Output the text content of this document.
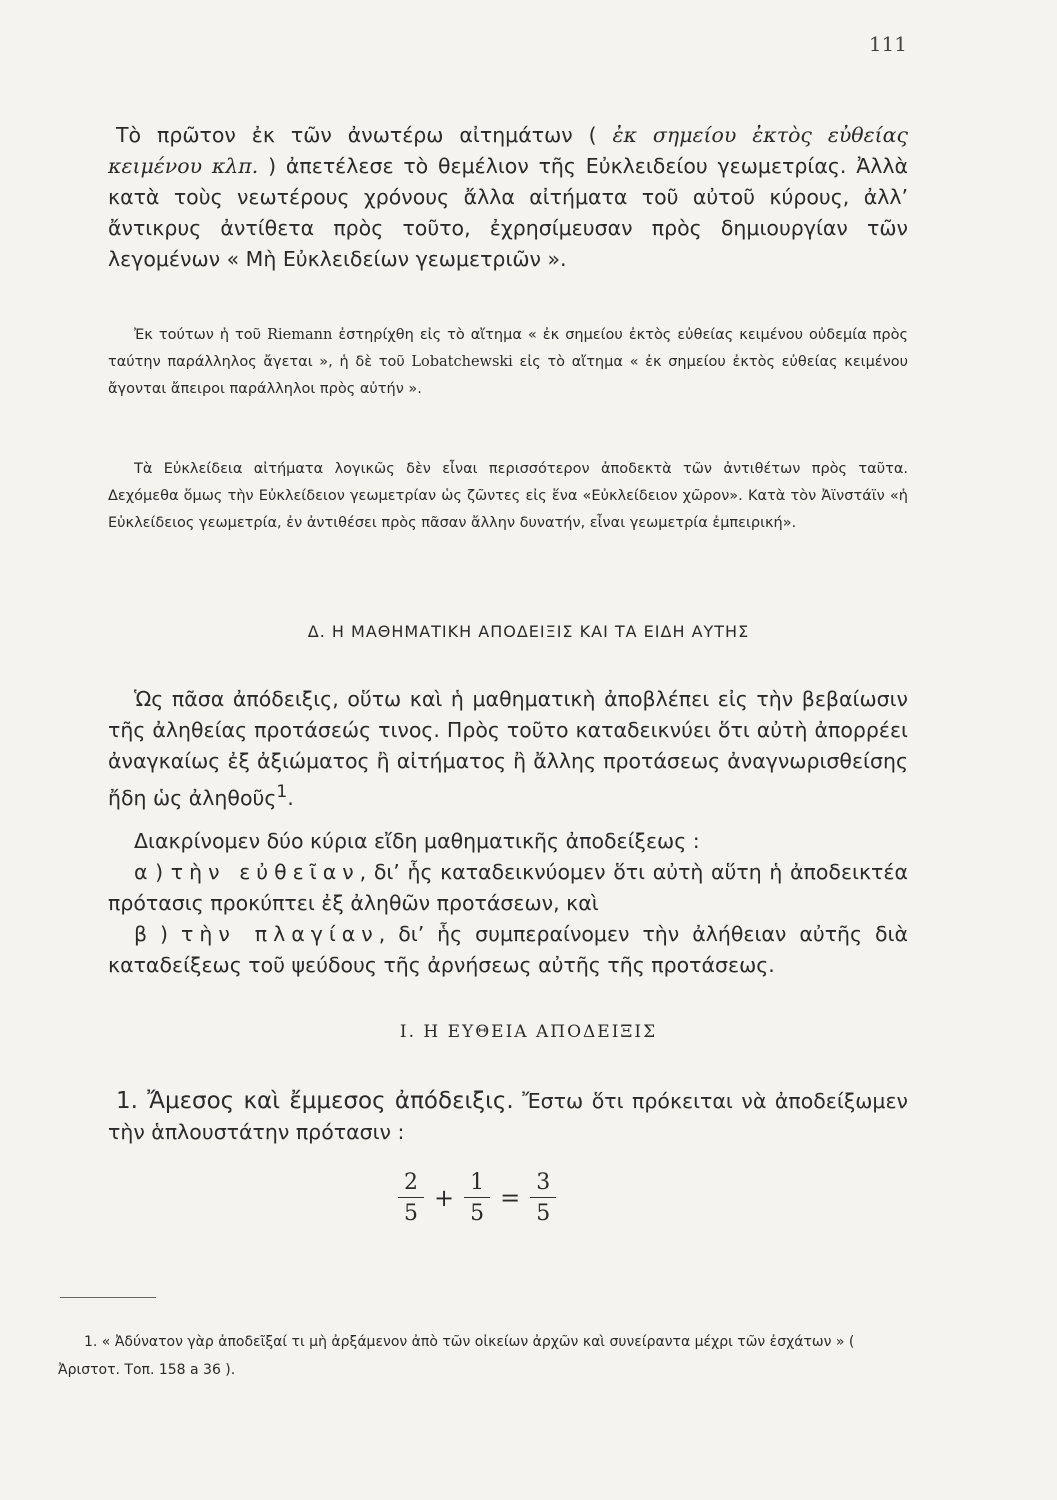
111

Τὸ πρῶτον ἐκ τῶν ἀνωτέρω αἰτημάτων ( ἐκ σημείου ἐκτὸς εὐθείας κειμένου κλπ. ) ἀπετέλεσε τὸ θεμέλιον τῆς Εὐκλειδείου γεωμετρίας. Ἀλλὰ κατὰ τοὺς νεωτέρους χρόνους ἄλλα αἰτήματα τοῦ αὐτοῦ κύρους, ἀλλ’ ἄντικρυς ἀντίθετα πρὸς τοῦτο, ἐχρησίμευσαν πρὸς δημιουργίαν τῶν λεγομένων « Μὴ Εὐκλειδείων γεωμετριῶν ».

Ἐκ τούτων ἡ τοῦ Riemann ἐστηρίχθη εἰς τὸ αἴτημα « ἐκ σημείου ἐκτὸς εὐθείας κειμένου οὐδεμία πρὸς ταύτην παράλληλος ἄγεται », ἡ δὲ τοῦ Lobatchewski εἰς τὸ αἴτημα « ἐκ σημείου ἐκτὸς εὐθείας κειμένου ἄγονται ἄπειροι παράλληλοι πρὸς αὐτήν ».

Τὰ Εὐκλείδεια αἰτήματα λογικῶς δὲν εἶναι περισσότερον ἀποδεκτὰ τῶν ἀντιθέτων πρὸς ταῦτα. Δεχόμεθα ὅμως τὴν Εὐκλείδειον γεωμετρίαν ὡς ζῶντες εἰς ἕνα «Εὐκλείδειον χῶρον». Κατὰ τὸν Ἀϊνστάϊν «ἡ Εὐκλείδειος γεωμετρία, ἐν ἀντιθέσει πρὸς πᾶσαν ἄλλην δυνατήν, εἶναι γεωμετρία ἐμπειρική».

Δ. Η ΜΑΘΗΜΑΤΙΚΗ ΑΠΟΔΕΙΞΙΣ ΚΑΙ ΤΑ ΕΙΔΗ ΑΥΤΗΣ

Ὡς πᾶσα ἀπόδειξις, οὕτω καὶ ἡ μαθηματικὴ ἀποβλέπει εἰς τὴν βεβαίωσιν τῆς ἀληθείας προτάσεώς τινος. Πρὸς τοῦτο καταδεικνύει ὅτι αὐτὴ ἀπορρέει ἀναγκαίως ἐξ ἀξιώματος ἢ αἰτήματος ἢ ἄλλης προτάσεως ἀναγνωρισθείσης ἤδη ὡς ἀληθοῦς$^1$.

Διακρίνομεν δύο κύρια εἴδη μαθηματικῆς ἀποδείξεως :

α ) τὴν εὐθεῖαν, δι’ ἧς καταδεικνύομεν ὅτι αὐτὴ αὕτη ἡ ἀποδεικτέα πρότασις προκύπτει ἐξ ἀληθῶν προτάσεων, καὶ

β ) τὴν πλαγίαν, δι’ ἧς συμπεραίνομεν τὴν ἀλήθειαν αὐτῆς διὰ καταδείξεως τοῦ ψεύδους τῆς ἀρνήσεως αὐτῆς τῆς προτάσεως.

Ι. Η ΕΥΘΕΙΑ ΑΠΟΔΕΙΞΙΣ

1. Ἄμεσος καὶ ἔμμεσος ἀπόδειξις. Ἔστω ὅτι πρόκειται νὰ ἀποδείξωμεν τὴν ἁπλουστάτην πρότασιν :

$\frac{2}{5} + \frac{1}{5} = \frac{3}{5}$

1. « Ἀδύνατον γὰρ ἀποδεῖξαί τι μὴ ἀρξάμενον ἀπὸ τῶν οἰκείων ἀρχῶν καὶ συνείραντα μέχρι τῶν ἐσχάτων » ( Ἀριστοτ. Τοπ. 158 a 36 ).
